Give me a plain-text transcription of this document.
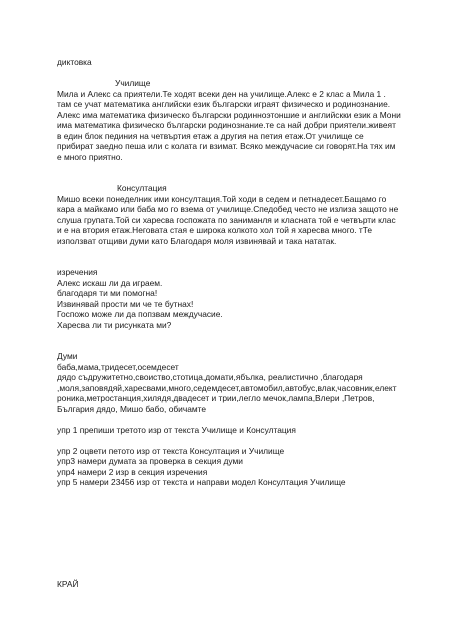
диктовка
Училище
Мила и Алекс са приятели.Те ходят всеки ден на училище.Алекс е 2 клас а Мила 1 .
там се учат математика английски език български играят физическо и родинознание.
Алекс има математика физическо български родинноэтоншие и английскки език а Мони
има математика физическо български родинознание.те са най добри приятели.живеят
в един блок пединия на четвъртия етаж а другия на петия етаж.От училище се
прибират заедно пеша или с колата ги взимат. Всяко междучасие си говорят.На тях им
е много приятно.
Консултация
Мишо всеки понеделник ими консултация.Той ходи в седем и петнадесет.Бащамо го
кара а майкамо или баба мо го взема от училище.Спедобед често не излиза защото не
слуша групата.Той си харесва госпожата по заниманля и класната той е четвърти клас
и е на втория етаж.Неговата стая е широка колкото хол той я харесва много. тТе
използват отщиви думи като Благодаря моля извинявай и така нататак.
изречения
Алекс искаш ли да играем.
благодаря ти ми помогна!
Извинявай прости ми че те бутнах!
Госпожо може ли да попзвам междучасие.
Харесва ли ти рисунката ми?
Думи
баба,мама,тридесет,осемдесет
дядо съдружитетно,своиство,стотица,домати,ябълка, реалистично ,благодаря
,моля,заповядяй,харесвами,много,седемдесет,автомобил,автобус,влак,часовник,елект
роника,метростанция,хилядя,двадесет и трии,легло мечок,лампа,Влери ,Петров,
България дядо, Мишо бабо, обичамте
упр 1 препиши третото изр от текста Училище и Консултация
упр 2 оцвети петото изр от текста Консултация и Училище
упр3 намери думата за проверка в секция думи
упр4 намери 2 изр в секция изречения
упр 5 намери 23456 изр от текста и направи модел Консултация Училище
КРАЙ
